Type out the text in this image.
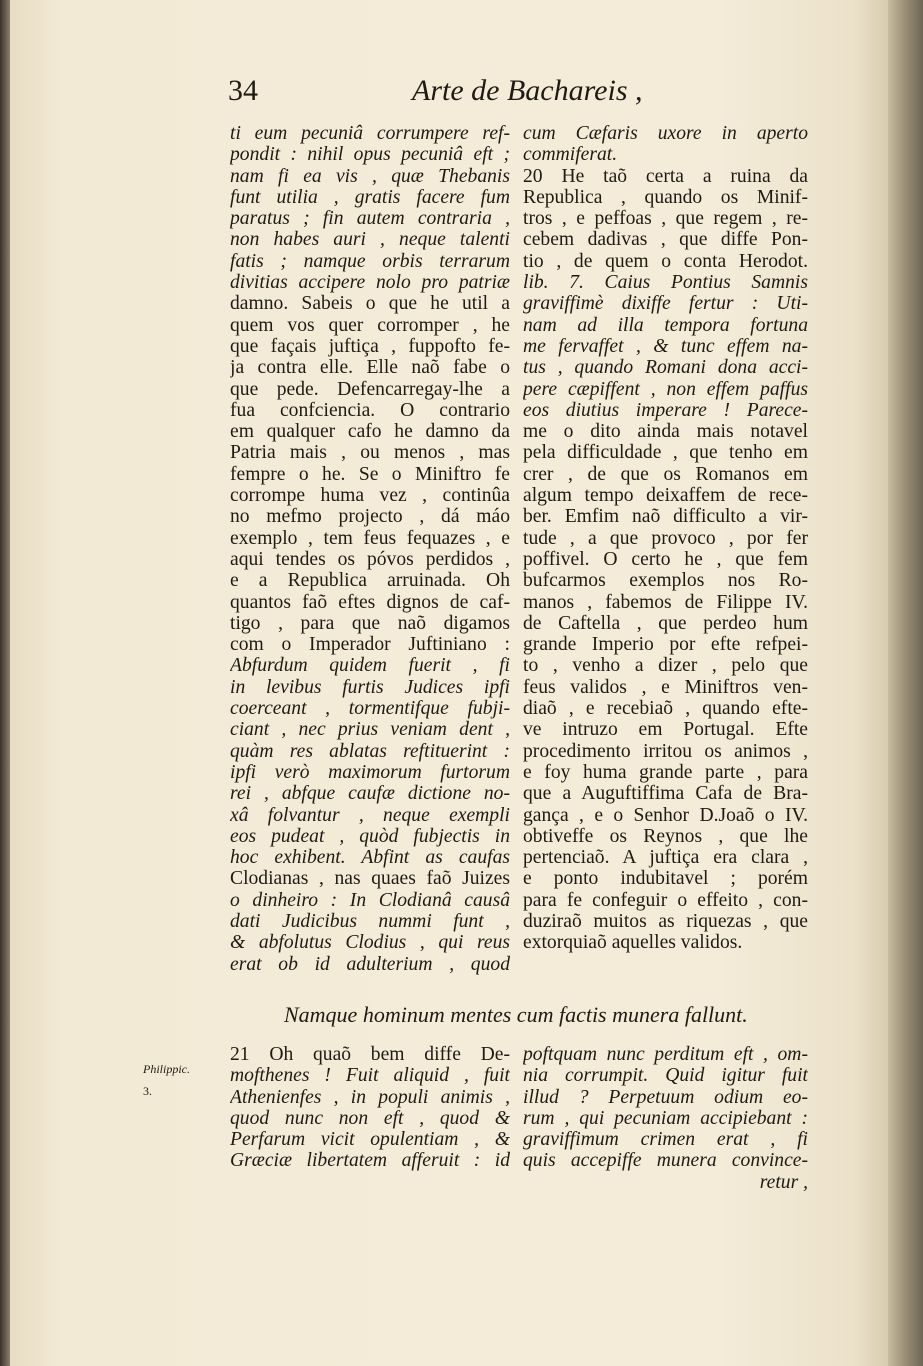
34	Arte de Bachareis ,
ti eum pecuniâ corrumpere ref-
pondit : nihil opus pecuniâ eft ;
nam fi ea vis , quæ Thebanis
funt utilia , gratis facere fum
paratus ; fin autem contraria ,
non habes auri , neque talenti
fatis ; namque orbis terrarum
divitias accipere nolo pro patriæ
damno. Sabeis o que he util a
quem vos quer corromper , he
que façais juftiça , fuppofto fe-
ja contra elle. Elle naõ fabe o
que pede. Defencarregay-lhe a
fua confciencia. O contrario
em qualquer cafo he damno da
Patria mais , ou menos , mas
fempre o he. Se o Miniftro fe
corrompe huma vez , continûa
no mefmo projecto , dá máo
exemplo , tem feus fequazes , e
aqui tendes os póvos perdidos ,
e a Republica arruinada. Oh
quantos faõ eftes dignos de caf-
tigo , para que naõ digamos
com o Imperador Juftiniano :
Abfurdum quidem fuerit , fi
in levibus furtis Judices ipfi
coerceant , tormentifque fubji-
ciant , nec prius veniam dent ,
quàm res ablatas reftituerint :
ipfi verò maximorum furtorum
rei , abfque caufæ dictione no-
xâ folvantur , neque exempli
eos pudeat , quòd fubjectis in
hoc exhibent. Abfint as caufas
Clodianas , nas quaes faõ Juizes
o dinheiro : In Clodianâ causâ
dati Judicibus nummi funt ,
& abfolutus Clodius , qui reus
erat ob id adulterium , quod
cum Cæfaris uxore in aperto
commiferat.
20 He taõ certa a ruina da
Republica , quando os Minif-
tros , e peffoas , que regem , re-
cebem dadivas , que diffe Pon-
tio , de quem o conta Herodot.
lib. 7. Caius Pontius Samnis
graviffimè dixiffe fertur : Uti-
nam ad illa tempora fortuna
me fervaffet , & tunc effem na-
tus , quando Romani dona acci-
pere cæpiffent , non effem paffus
eos diutius imperare ! Parece-
me o dito ainda mais notavel
pela difficuldade , que tenho em
crer , de que os Romanos em
algum tempo deixaffem de rece-
ber. Emfim naõ difficulto a vir-
tude , a que provoco , por fer
poffivel. O certo he , que fem
bufcarmos exemplos nos Ro-
manos , fabemos de Filippe IV.
de Caftella , que perdeo hum
grande Imperio por efte refpei-
to , venho a dizer , pelo que
feus validos , e Miniftros ven-
diaõ , e recebiaõ , quando efte-
ve intruzo em Portugal. Efte
procedimento irritou os animos ,
e foy huma grande parte , para
que a Auguftiffima Cafa de Bra-
gança , e o Senhor D.Joaõ o IV.
obtiveffe os Reynos , que lhe
pertenciaõ. A juftiça era clara ,
e ponto indubitavel ; porém
para fe confeguir o effeito , con-
duziraõ muitos as riquezas , que
extorquiaõ aquelles validos.
Namque hominum mentes cum factis munera fallunt.
Philippic.
3.
21 Oh quaõ bem diffe De-
mofthenes ! Fuit aliquid , fuit
Athenienfes , in populi animis ,
quod nunc non eft , quod &
Perfarum vicit opulentiam , &
Græciæ libertatem afferuit : id
poftquam nunc perditum eft , om-
nia corrumpit. Quid igitur fuit
illud ? Perpetuum odium eo-
rum , qui pecuniam accipiebant :
graviffimum crimen erat , fi
quis accepiffe munera convince-
retur ,
